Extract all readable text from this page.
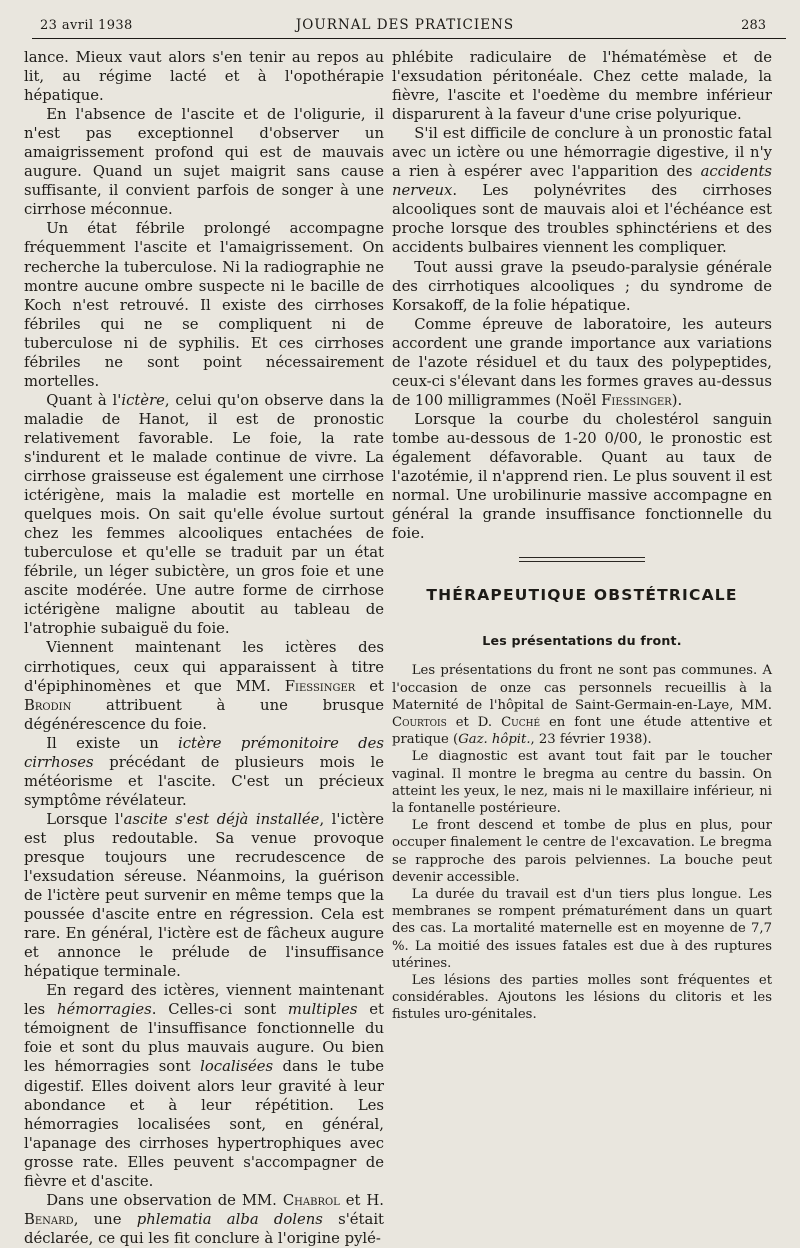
23 avril 1938	JOURNAL DES PRATICIENS	283

lance. Mieux vaut alors s'en tenir au repos au lit, au régime lacté et à l'opothérapie hépatique.

En l'absence de l'ascite et de l'oligurie, il n'est pas exceptionnel d'observer un amaigrissement profond qui est de mauvais augure. Quand un sujet maigrit sans cause suffisante, il convient parfois de songer à une cirrhose méconnue.

Un état fébrile prolongé accompagne fréquemment l'ascite et l'amaigrissement. On recherche la tuberculose. Ni la radiographie ne montre aucune ombre suspecte ni le bacille de Koch n'est retrouvé. Il existe des cirrhoses fébriles qui ne se compliquent ni de tuberculose ni de syphilis. Et ces cirrhoses fébriles ne sont point nécessairement mortelles.

Quant à l'ictère, celui qu'on observe dans la maladie de Hanot, il est de pronostic relativement favorable. Le foie, la rate s'indurent et le malade continue de vivre. La cirrhose graisseuse est également une cirrhose ictérigène, mais la maladie est mortelle en quelques mois. On sait qu'elle évolue surtout chez les femmes alcooliques entachées de tuberculose et qu'elle se traduit par un état fébrile, un léger subictère, un gros foie et une ascite modérée. Une autre forme de cirrhose ictérigène maligne aboutit au tableau de l'atrophie subaiguë du foie.

Viennent maintenant les ictères des cirrhotiques, ceux qui apparaissent à titre d'épiphinomènes et que MM. Fiessinger et Brodin attribuent à une brusque dégénérescence du foie.

Il existe un ictère prémonitoire des cirrhoses précédant de plusieurs mois le météorisme et l'ascite. C'est un précieux symptôme révélateur.

Lorsque l'ascite s'est déjà installée, l'ictère est plus redoutable. Sa venue provoque presque toujours une recrudescence de l'exsudation séreuse. Néanmoins, la guérison de l'ictère peut survenir en même temps que la poussée d'ascite entre en régression. Cela est rare. En général, l'ictère est de fâcheux augure et annonce le prélude de l'insuffisance hépatique terminale.

En regard des ictères, viennent maintenant les hémorragies. Celles-ci sont multiples et témoignent de l'insuffisance fonctionnelle du foie et sont du plus mauvais augure. Ou bien les hémorragies sont localisées dans le tube digestif. Elles doivent alors leur gravité à leur abondance et à leur répétition. Les hémorragies localisées sont, en général, l'apanage des cirrhoses hypertrophiques avec grosse rate. Elles peuvent s'accompagner de fièvre et d'ascite.

Dans une observation de MM. Chabrol et H. Benard, une phlematia alba dolens s'était déclarée, ce qui les fit conclure à l'origine pylé-

phlébite radiculaire de l'hématémèse et de l'exsudation péritonéale. Chez cette malade, la fièvre, l'ascite et l'oedème du membre inférieur disparurent à la faveur d'une crise polyurique.

S'il est difficile de conclure à un pronostic fatal avec un ictère ou une hémorragie digestive, il n'y a rien à espérer avec l'apparition des accidents nerveux. Les polynévrites des cirrhoses alcooliques sont de mauvais aloi et l'échéance est proche lorsque des troubles sphinctériens et des accidents bulbaires viennent les compliquer.

Tout aussi grave la pseudo-paralysie générale des cirrhotiques alcooliques ; du syndrome de Korsakoff, de la folie hépatique.

Comme épreuve de laboratoire, les auteurs accordent une grande importance aux variations de l'azote résiduel et du taux des polypeptides, ceux-ci s'élevant dans les formes graves au-dessus de 100 milligrammes (Noël Fiessinger).

Lorsque la courbe du cholestérol sanguin tombe au-dessous de 1-20 0/00, le pronostic est également défavorable. Quant au taux de l'azotémie, il n'apprend rien. Le plus souvent il est normal. Une urobilinurie massive accompagne en général la grande insuffisance fonctionnelle du foie.

THÉRAPEUTIQUE OBSTÉTRICALE
Les présentations du front.

Les présentations du front ne sont pas communes. A l'occasion de onze cas personnels recueillis à la Maternité de l'hôpital de Saint-Germain-en-Laye, MM. Courtois et D. Cuché en font une étude attentive et pratique (Gaz. hôpit., 23 février 1938).

Le diagnostic est avant tout fait par le toucher vaginal. Il montre le bregma au centre du bassin. On atteint les yeux, le nez, mais ni le maxillaire inférieur, ni la fontanelle postérieure.

Le front descend et tombe de plus en plus, pour occuper finalement le centre de l'excavation. Le bregma se rapproche des parois pelviennes. La bouche peut devenir accessible.

La durée du travail est d'un tiers plus longue. Les membranes se rompent prématurément dans un quart des cas. La mortalité maternelle est en moyenne de 7,7 %. La moitié des issues fatales est due à des ruptures utérines.

Les lésions des parties molles sont fréquentes et considérables. Ajoutons les lésions du clitoris et les fistules uro-génitales.
